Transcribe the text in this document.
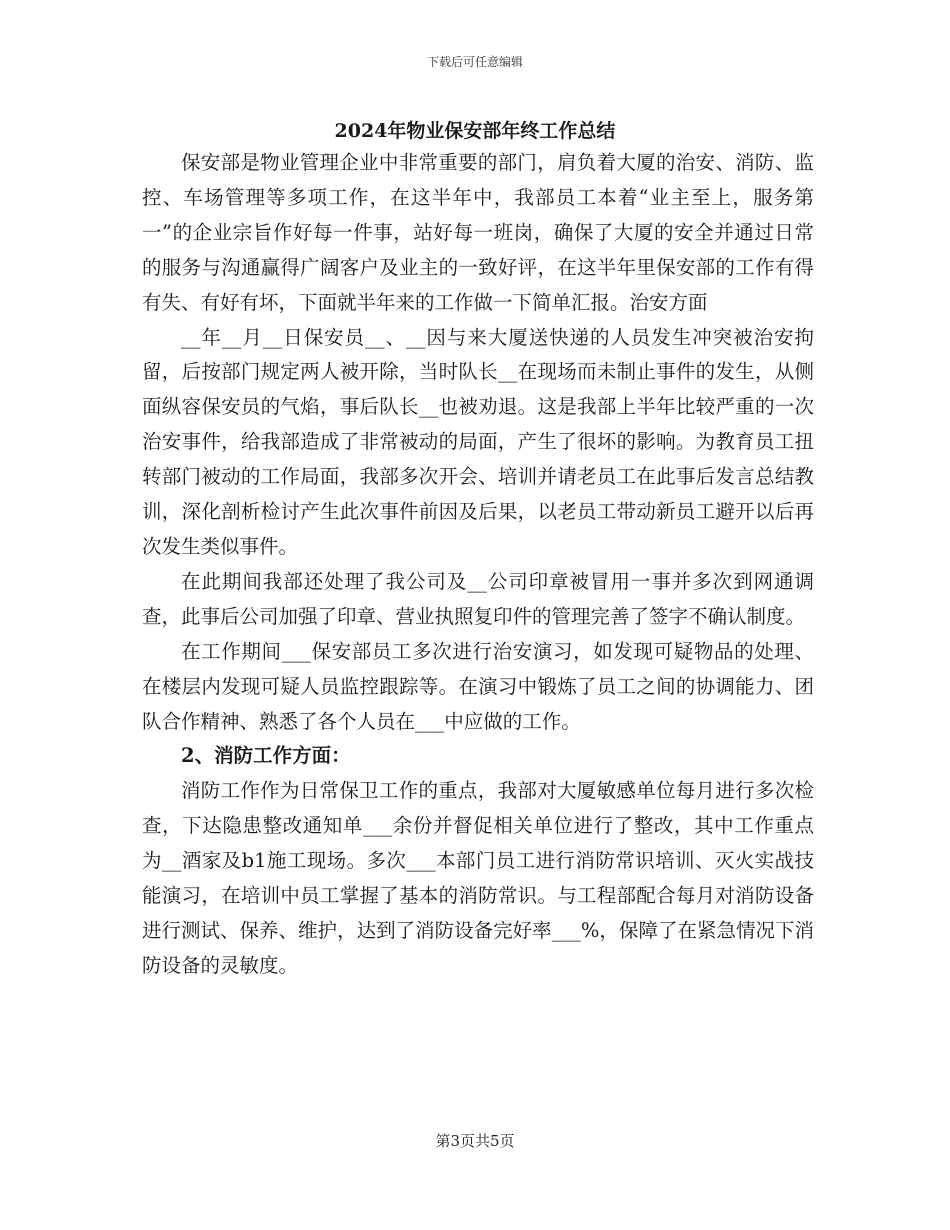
下载后可任意编辑
2024年物业保安部年终工作总结

保安部是物业管理企业中非常重要的部门，肩负着大厦的治安、消防、监控、车场管理等多项工作，在这半年中，我部员工本着“业主至上，服务第一”的企业宗旨作好每一件事，站好每一班岗，确保了大厦的安全并通过日常的服务与沟通赢得广阔客户及业主的一致好评，在这半年里保安部的工作有得有失、有好有坏，下面就半年来的工作做一下简单汇报。治安方面

__年__月__日保安员__、__因与来大厦送快递的人员发生冲突被治安拘留，后按部门规定两人被开除，当时队长__在现场而未制止事件的发生，从侧面纵容保安员的气焰，事后队长__也被劝退。这是我部上半年比较严重的一次治安事件，给我部造成了非常被动的局面，产生了很坏的影响。为教育员工扭转部门被动的工作局面，我部多次开会、培训并请老员工在此事后发言总结教训，深化剖析检讨产生此次事件前因及后果，以老员工带动新员工避开以后再次发生类似事件。

在此期间我部还处理了我公司及__公司印章被冒用一事并多次到网通调查，此事后公司加强了印章、营业执照复印件的管理完善了签字不确认制度。

在工作期间___保安部员工多次进行治安演习，如发现可疑物品的处理、在楼层内发现可疑人员监控跟踪等。在演习中锻炼了员工之间的协调能力、团队合作精神、熟悉了各个人员在___中应做的工作。

2、消防工作方面：

消防工作作为日常保卫工作的重点，我部对大厦敏感单位每月进行多次检查，下达隐患整改通知单___余份并督促相关单位进行了整改，其中工作重点为__酒家及b1施工现场。多次___本部门员工进行消防常识培训、灭火实战技能演习，在培训中员工掌握了基本的消防常识。与工程部配合每月对消防设备进行测试、保养、维护，达到了消防设备完好率___%，保障了在紧急情况下消防设备的灵敏度。

第3页共5页
